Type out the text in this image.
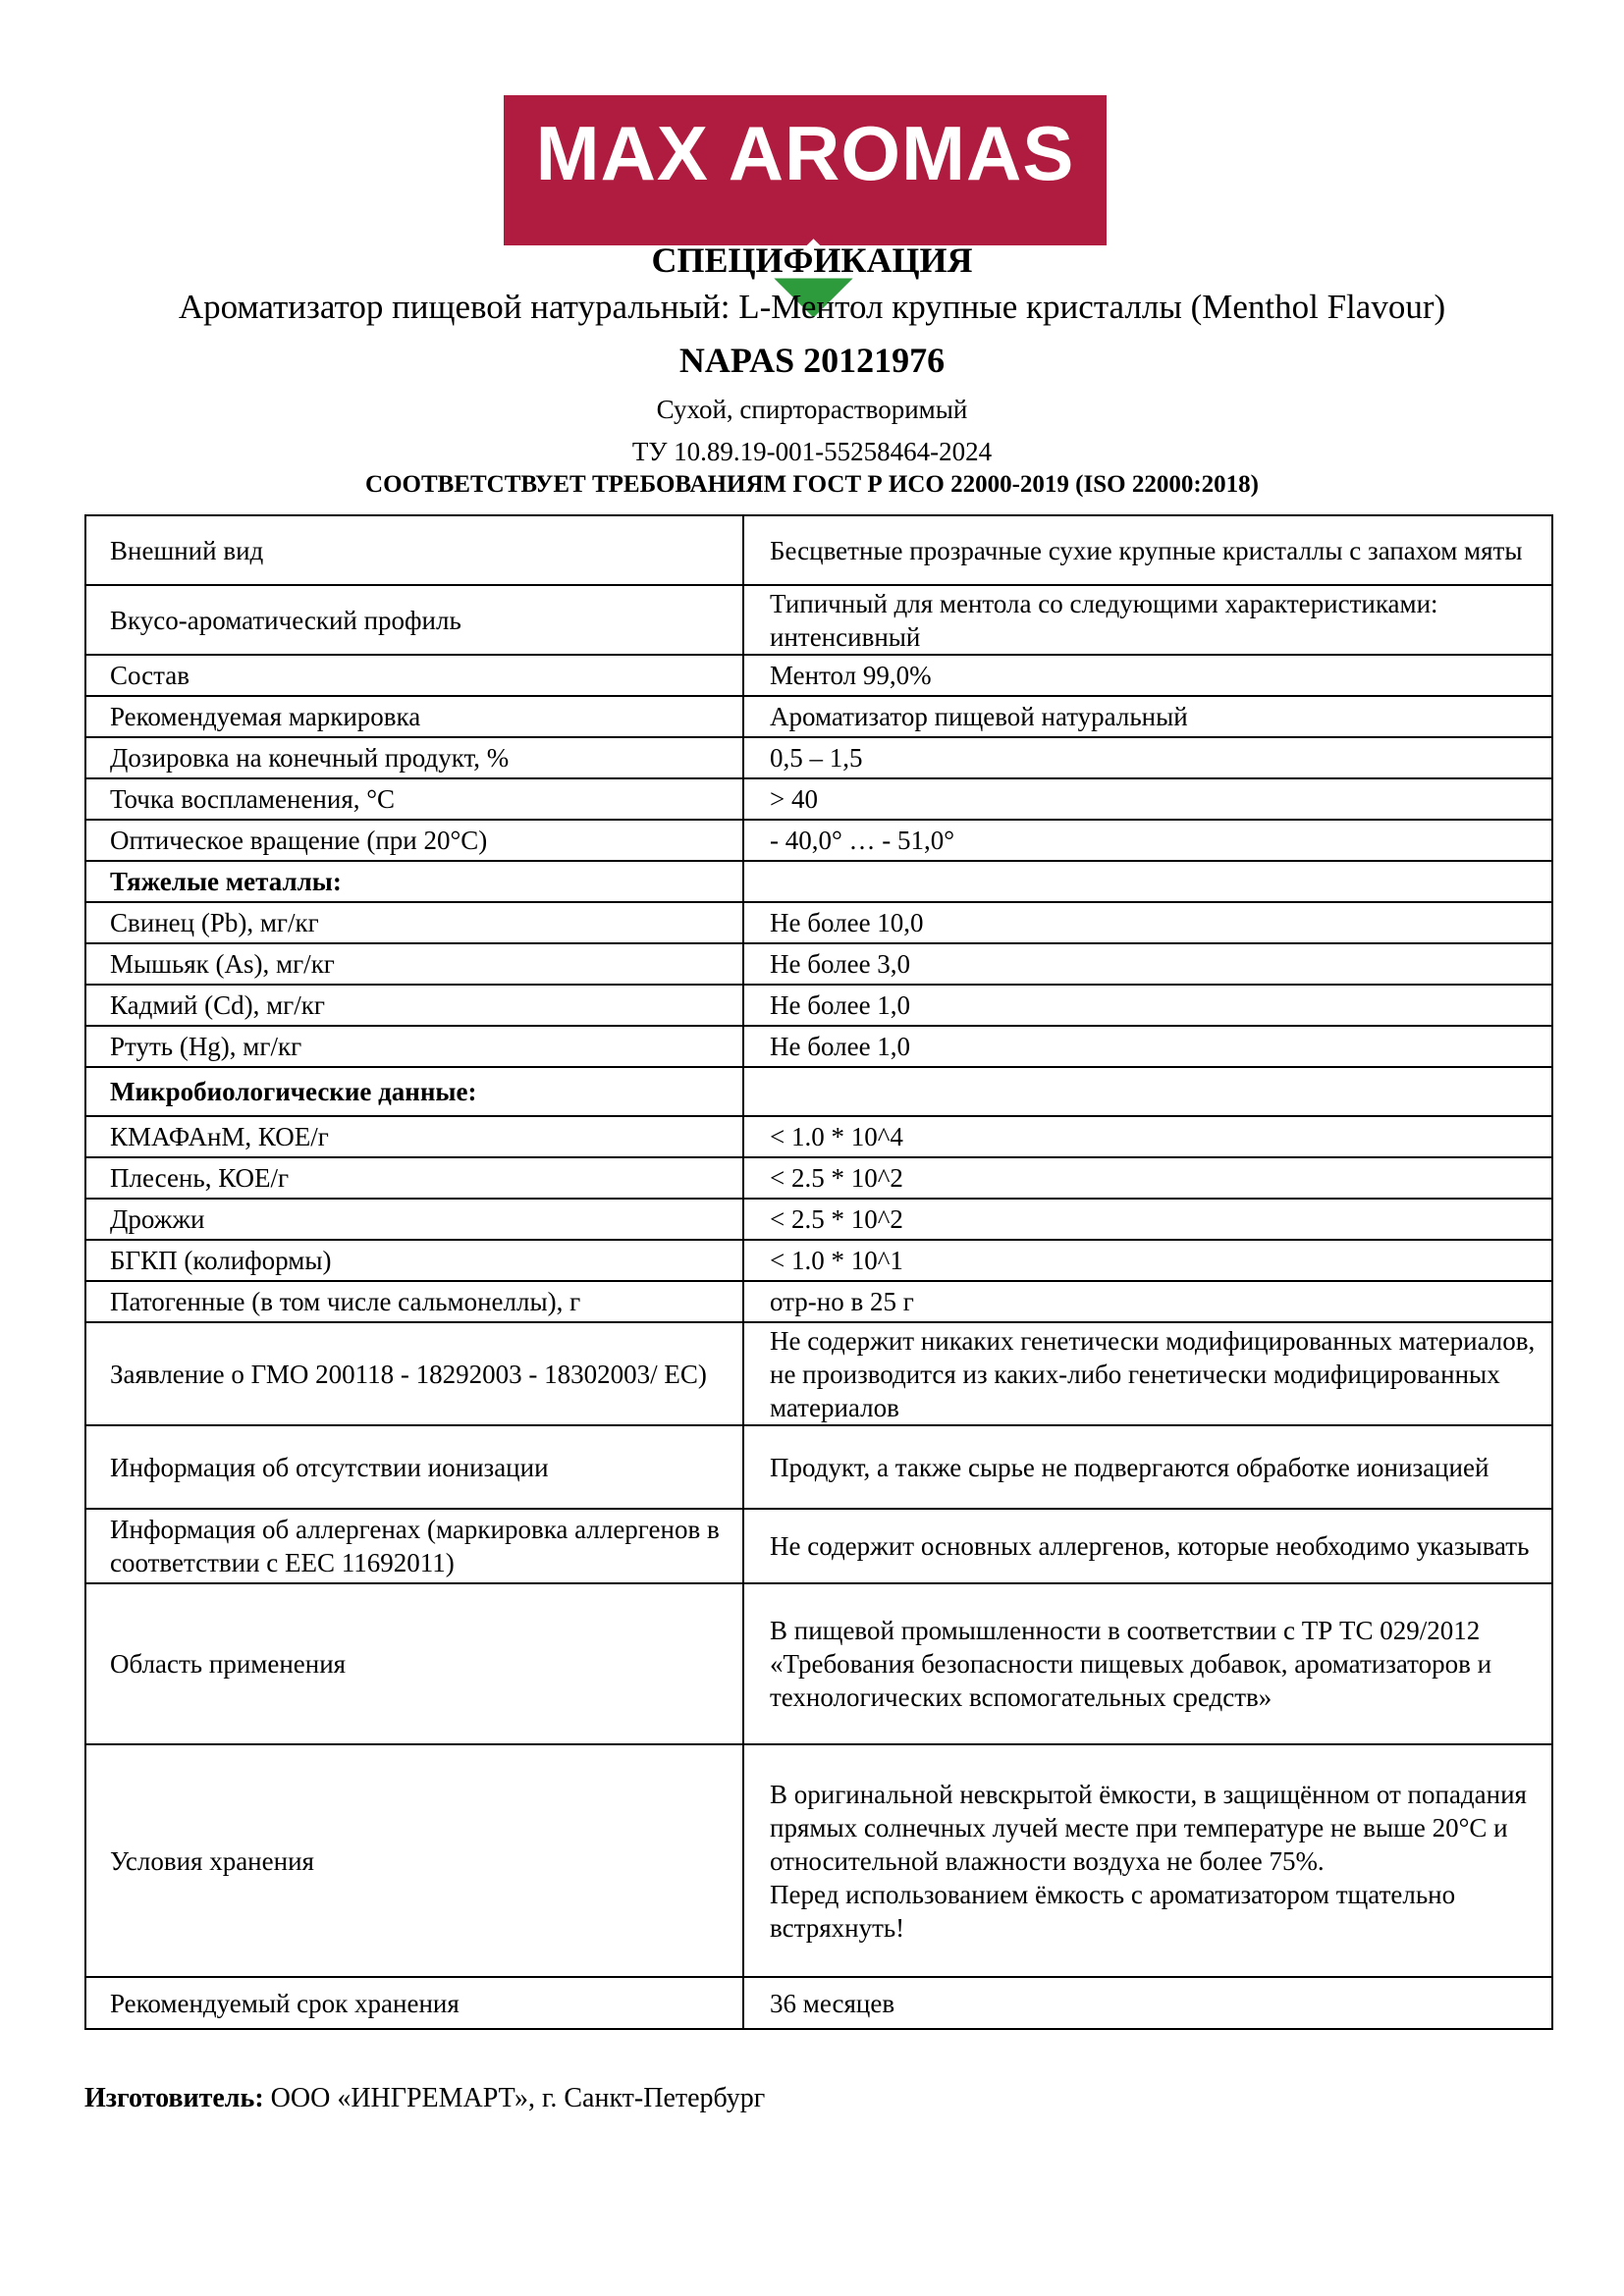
MAX AROMAS
СПЕЦИФИКАЦИЯ
Ароматизатор пищевой натуральный: L-Ментол крупные кристаллы (Menthol Flavour)
NAPAS 20121976
Сухой, спирторастворимый
ТУ 10.89.19-001-55258464-2024
СООТВЕТСТВУЕТ ТРЕБОВАНИЯМ ГОСТ Р ИСО 22000-2019 (ISO 22000:2018)
Внешний вид	Бесцветные прозрачные сухие крупные кристаллы с запахом мяты
Вкусо-ароматический профиль	Типичный для ментола со следующими характеристиками: интенсивный
Состав	Ментол 99,0%
Рекомендуемая маркировка	Ароматизатор пищевой натуральный
Дозировка на конечный продукт, %	0,5 – 1,5
Точка воспламенения, °С	> 40
Оптическое вращение (при 20°С)	- 40,0° … - 51,0°
Тяжелые металлы:	
Свинец (Pb), мг/кг	Не более 10,0
Мышьяк (As), мг/кг	Не более 3,0
Кадмий (Cd), мг/кг	Не более 1,0
Ртуть (Hg), мг/кг	Не более 1,0
Микробиологические данные:	
КМАФАнМ, КОЕ/г	< 1.0 * 10^4
Плесень, КОЕ/г	< 2.5 * 10^2
Дрожжи	< 2.5 * 10^2
БГКП (колиформы)	< 1.0 * 10^1
Патогенные (в том числе сальмонеллы), г	отр-но в 25 г
Заявление о ГМО 200118 - 18292003 - 18302003/ ЕС)	Не содержит никаких генетически модифицированных материалов, не производится из каких-либо генетически модифицированных материалов
Информация об отсутствии ионизации	Продукт, а также сырье не подвергаются обработке ионизацией
Информация об аллергенах (маркировка аллергенов в соответствии с ЕЕС 11692011)	Не содержит основных аллергенов, которые необходимо указывать
Область применения	В пищевой промышленности в соответствии с ТР ТС 029/2012 «Требования безопасности пищевых добавок, ароматизаторов и технологических вспомогательных средств»
Условия хранения	В оригинальной невскрытой ёмкости, в защищённом от попадания прямых солнечных лучей месте при температуре не выше 20°С и относительной влажности воздуха не более 75%.
Перед использованием ёмкость с ароматизатором тщательно встряхнуть!

Рекомендуемый срок хранения	36 месяцев
Изготовитель: ООО «ИНГРЕМАРТ», г. Санкт-Петербург
